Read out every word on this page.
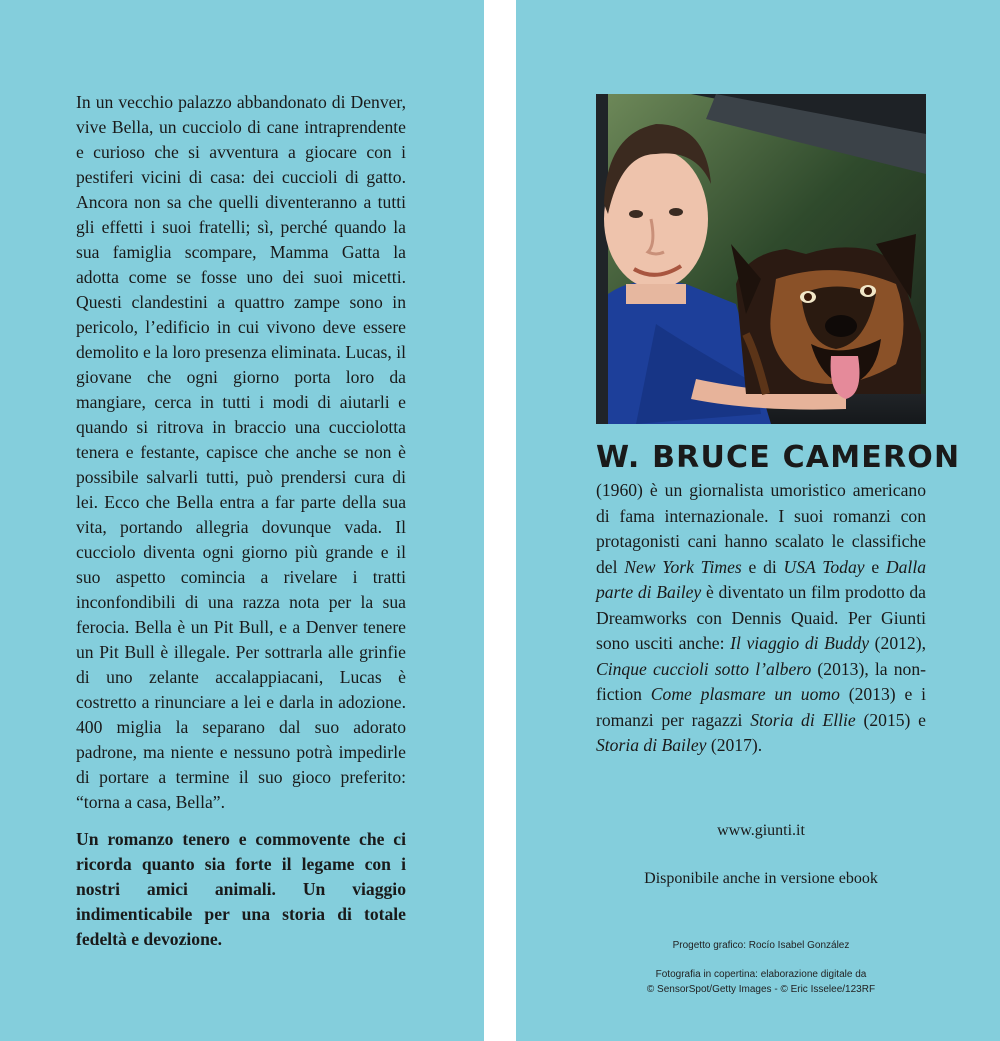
In un vecchio palazzo abbandonato di Denver, vive Bella, un cucciolo di cane intraprendente e curioso che si avventura a giocare con i pestiferi vicini di casa: dei cuccioli di gatto. Ancora non sa che quelli diventeranno a tutti gli effetti i suoi fratelli; sì, perché quando la sua famiglia scompare, Mamma Gatta la adotta come se fosse uno dei suoi micetti. Questi clandestini a quattro zampe sono in pericolo, l’edificio in cui vivono deve essere demolito e la loro presenza eliminata. Lucas, il giovane che ogni giorno porta loro da mangiare, cerca in tutti i modi di aiutarli e quando si ritrova in braccio una cucciolotta tenera e festante, capisce che anche se non è possibile salvarli tutti, può prendersi cura di lei. Ecco che Bella entra a far parte della sua vita, portando allegria dovunque vada. Il cucciolo diventa ogni giorno più grande e il suo aspetto comincia a rivelare i tratti inconfondibili di una razza nota per la sua ferocia. Bella è un Pit Bull, e a Denver tenere un Pit Bull è illegale. Per sottrarla alle grinfie di uno zelante accalappiacani, Lucas è costretto a rinunciare a lei e darla in adozione. 400 miglia la separano dal suo adorato padrone, ma niente e nessuno potrà impedirle di portare a termine il suo gioco preferito: “torna a casa, Bella”.

Un romanzo tenero e commovente che ci ricorda quanto sia forte il legame con i nostri amici animali. Un viaggio indimenticabile per una storia di totale fedeltà e devozione.

W. BRUCE CAMERON

(1960) è un giornalista umoristico americano di fama internazionale. I suoi romanzi con protagonisti cani hanno scalato le classifiche del New York Times e di USA Today e Dalla parte di Bailey è diventato un film prodotto da Dreamworks con Dennis Quaid. Per Giunti sono usciti anche: Il viaggio di Buddy (2012), Cinque cuccioli sotto l’albero (2013), la non-fiction Come plasmare un uomo (2013) e i romanzi per ragazzi Storia di Ellie (2015) e Storia di Bailey (2017).

www.giunti.it
Disponibile anche in versione ebook
Progetto grafico: Rocío Isabel González
Fotografia in copertina: elaborazione digitale da
© SensorSpot/Getty Images - © Eric Isselee/123RF
